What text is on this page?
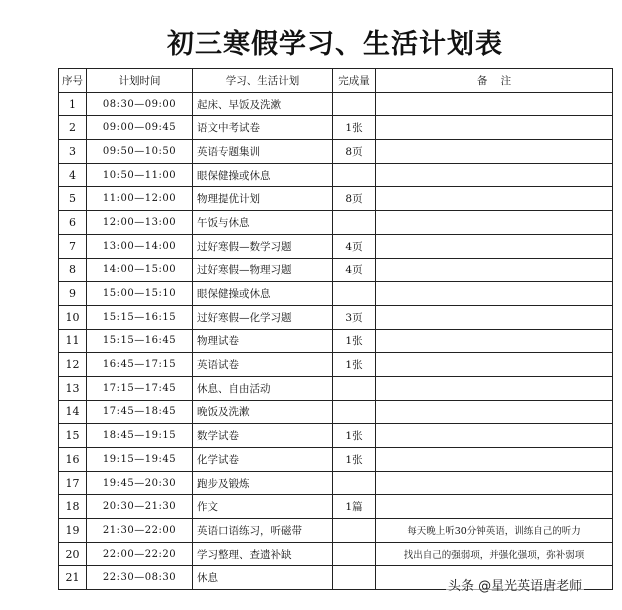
初三寒假学习、生活计划表
序号	计划时间	学习、生活计划	完成量	备    注
1	08:30—09:00	起床、早饭及洗漱		
2	09:00—09:45	语文中考试卷	1张	
3	09:50—10:50	英语专题集训	8页	
4	10:50—11:00	眼保健操或休息		
5	11:00—12:00	物理提优计划	8页	
6	12:00—13:00	午饭与休息		
7	13:00—14:00	过好寒假—数学习题	4页	
8	14:00—15:00	过好寒假—物理习题	4页	
9	15:00—15:10	眼保健操或休息		
10	15:15—16:15	过好寒假—化学习题	3页	
11	15:15—16:45	物理试卷	1张	
12	16:45—17:15	英语试卷	1张	
13	17:15—17:45	休息、自由活动		
14	17:45—18:45	晚饭及洗漱		
15	18:45—19:15	数学试卷	1张	
16	19:15—19:45	化学试卷	1张	
17	19:45—20:30	跑步及锻炼		
18	20:30—21:30	作文	1篇	
19	21:30—22:00	英语口语练习，听磁带		每天晚上听30分钟英语，训练自己的听力
20	22:00—22:20	学习整理、查遗补缺		找出自己的强弱项，并强化强项，弥补弱项
21	22:30—08:30	休息		
头条 @星光英语唐老师
